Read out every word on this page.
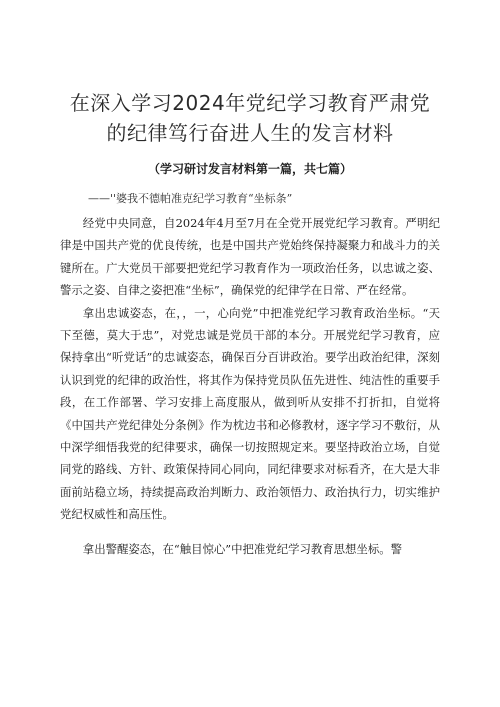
在深入学习2024年党纪学习教育严肃党的纪律笃行奋进人生的发言材料
（学习研讨发言材料第一篇，共七篇）
——''婆我不德帕准克纪学习教育“坐标条”

经党中央同意，自2024年4月至7月在全党开展党纪学习教育。严明纪律是中国共产党的优良传统，也是中国共产党始终保持凝聚力和战斗力的关键所在。广大党员干部要把党纪学习教育作为一项政治任务，以忠诚之姿、警示之姿、自律之姿把准“坐标”，确保党的纪律学在日常、严在经常。

拿出忠诚姿态，在，，一，心向党”中把准党纪学习教育政治坐标。“天下至德，莫大于忠”，对党忠诚是党员干部的本分。开展党纪学习教育，应保持拿出“听党话”的忠诚姿态，确保百分百讲政治。要学出政治纪律，深刻认识到党的纪律的政治性，将其作为保持党员队伍先进性、纯洁性的重要手段，在工作部署、学习安排上高度服从，做到听从安排不打折扣，自觉将《中国共产党纪律处分条例》作为枕边书和必修教材，逐字学习不敷衍，从中深学细悟我党的纪律要求，确保一切按照规定来。要坚持政治立场，自觉同党的路线、方针、政策保持同心同向，同纪律要求对标看齐，在大是大非面前站稳立场，持续提高政治判断力、政治领悟力、政治执行力，切实维护党纪权威性和高压性。

拿出警醒姿态，在“触目惊心”中把准党纪学习教育思想坐标。警
